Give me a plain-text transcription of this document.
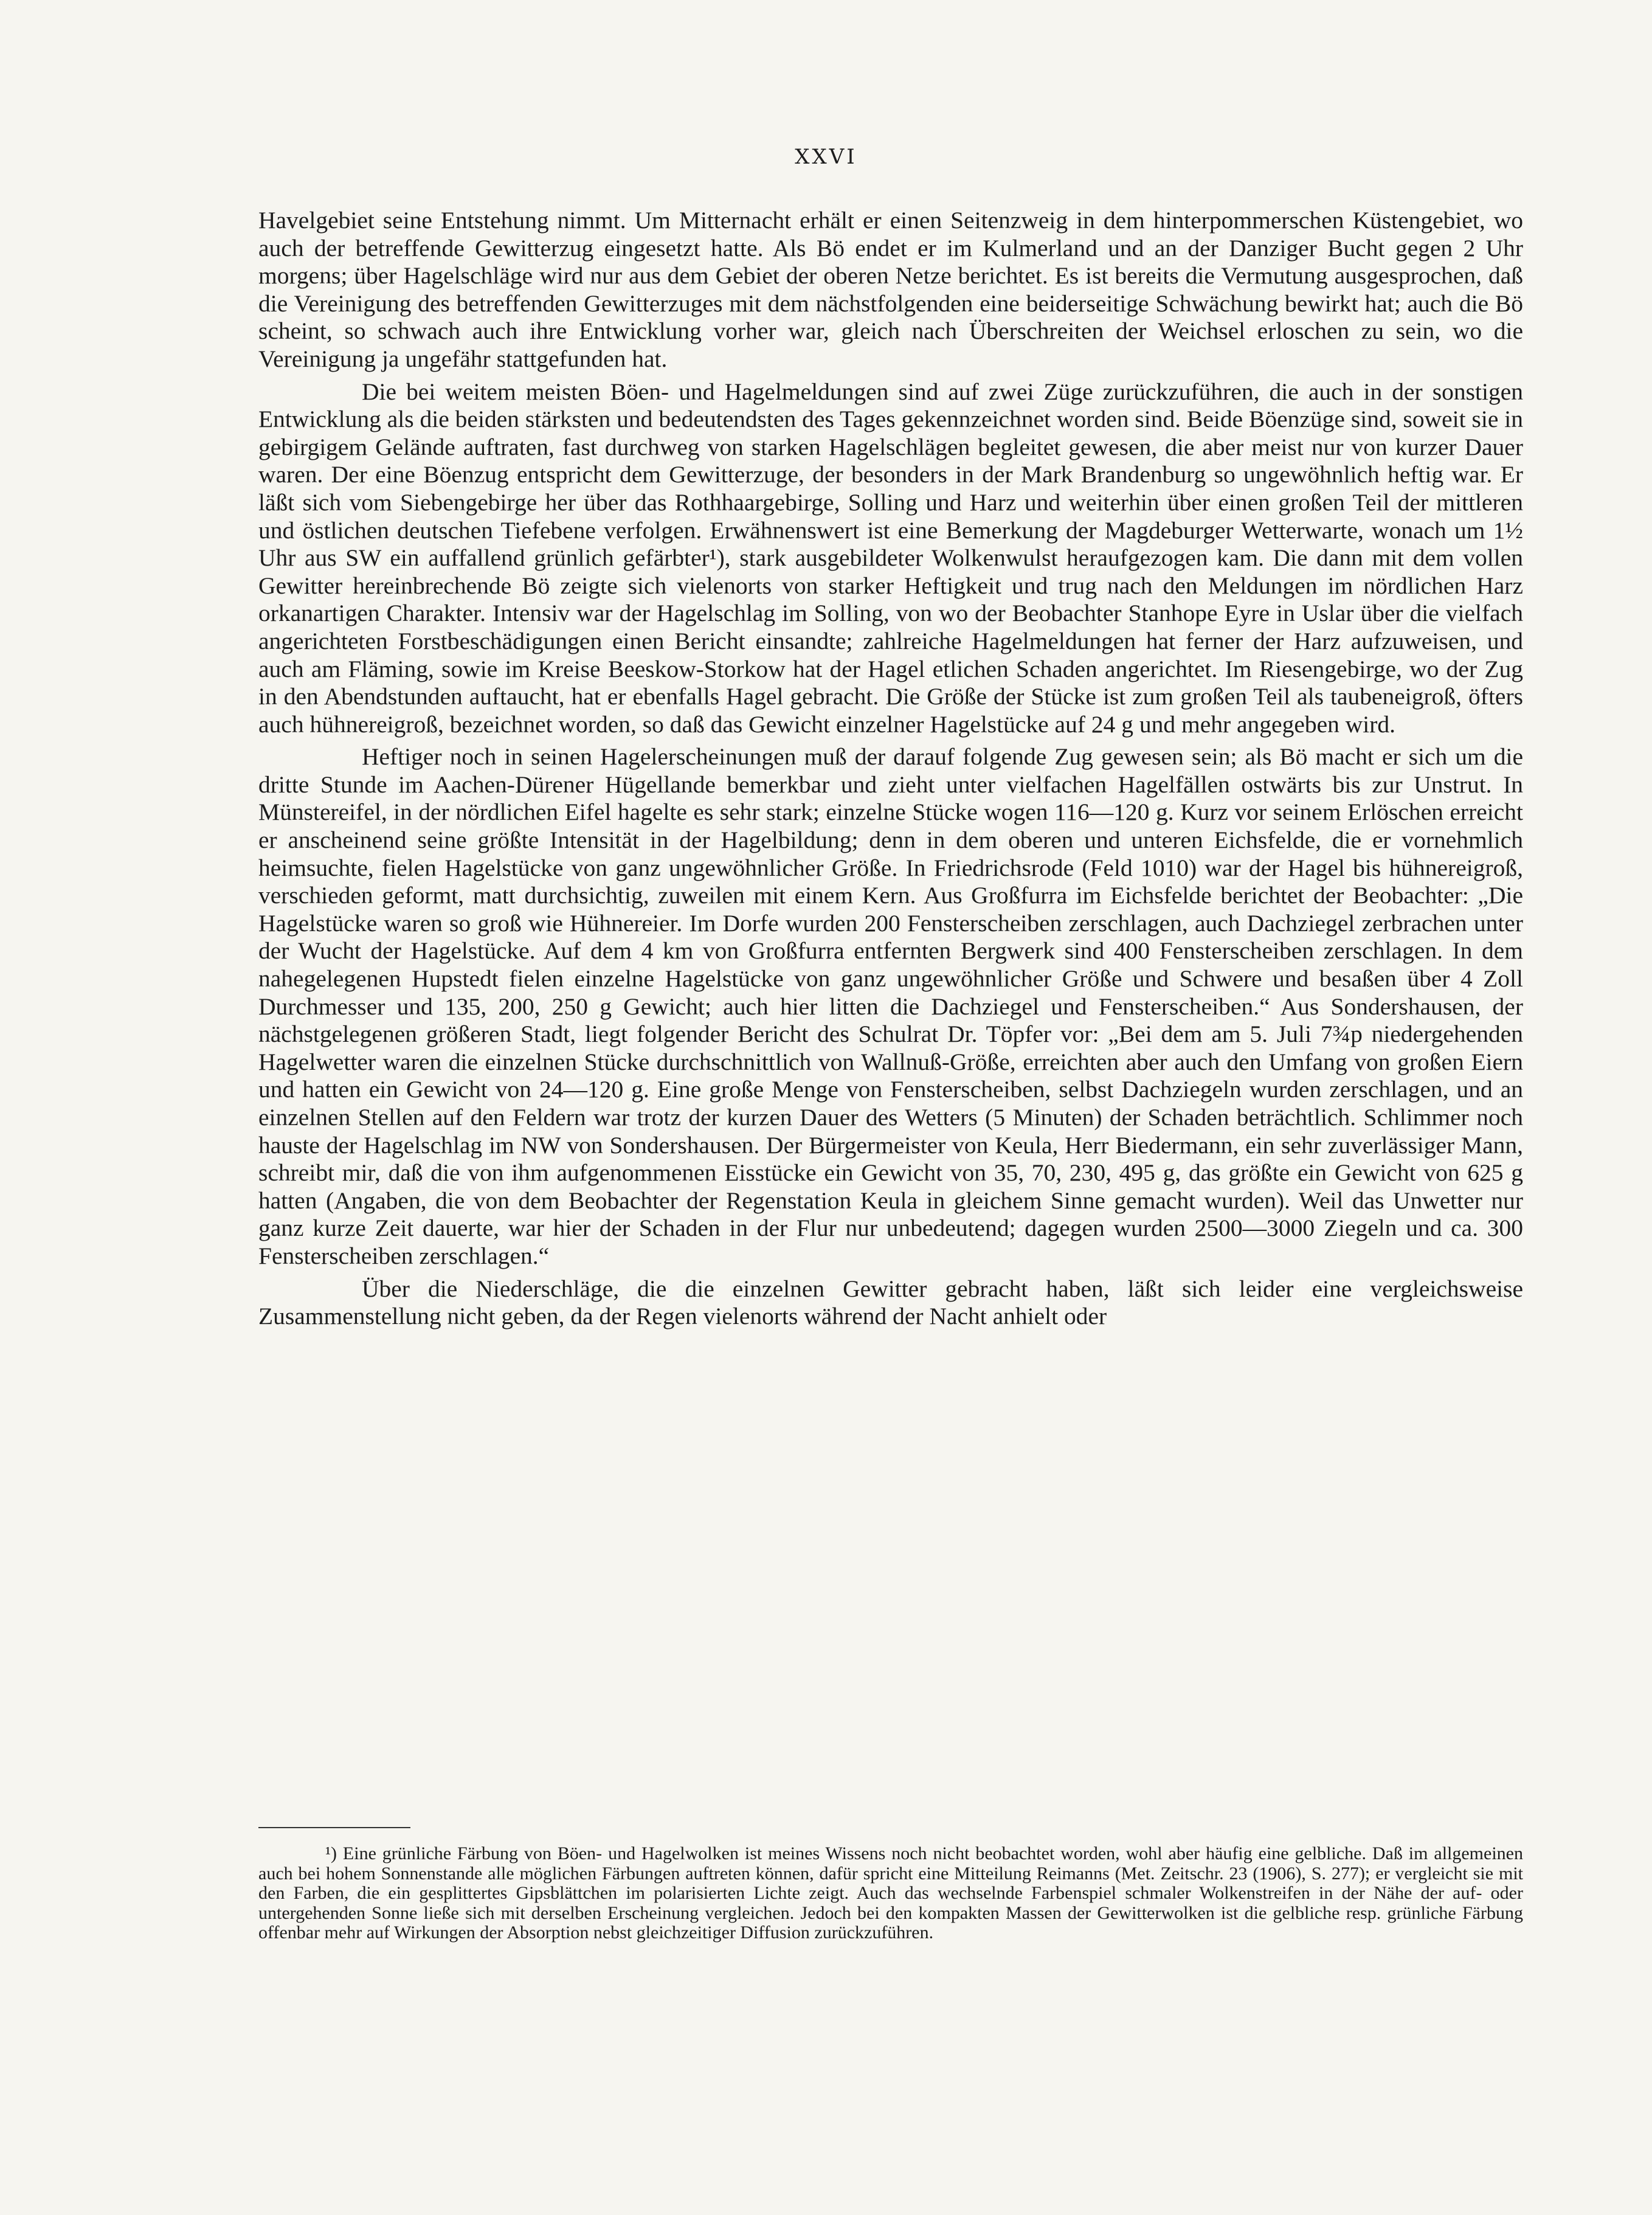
XXVI

Havelgebiet seine Entstehung nimmt. Um Mitternacht erhält er einen Seitenzweig in dem hinterpommerschen Küstengebiet, wo auch der betreffende Gewitterzug eingesetzt hatte. Als Bö endet er im Kulmerland und an der Danziger Bucht gegen 2 Uhr morgens; über Hagelschläge wird nur aus dem Gebiet der oberen Netze berichtet. Es ist bereits die Vermutung ausgesprochen, daß die Vereinigung des betreffenden Gewitterzuges mit dem nächstfolgenden eine beiderseitige Schwächung bewirkt hat; auch die Bö scheint, so schwach auch ihre Entwicklung vorher war, gleich nach Überschreiten der Weichsel erloschen zu sein, wo die Vereinigung ja ungefähr stattgefunden hat.

Die bei weitem meisten Böen- und Hagelmeldungen sind auf zwei Züge zurückzuführen, die auch in der sonstigen Entwicklung als die beiden stärksten und bedeutendsten des Tages gekennzeichnet worden sind. Beide Böenzüge sind, soweit sie in gebirgigem Gelände auftraten, fast durchweg von starken Hagelschlägen begleitet gewesen, die aber meist nur von kurzer Dauer waren. Der eine Böenzug entspricht dem Gewitterzuge, der besonders in der Mark Brandenburg so ungewöhnlich heftig war. Er läßt sich vom Siebengebirge her über das Rothhaargebirge, Solling und Harz und weiterhin über einen großen Teil der mittleren und östlichen deutschen Tiefebene verfolgen. Erwähnenswert ist eine Bemerkung der Magdeburger Wetterwarte, wonach um 1½ Uhr aus SW ein auffallend grünlich gefärbter¹), stark ausgebildeter Wolkenwulst heraufgezogen kam. Die dann mit dem vollen Gewitter hereinbrechende Bö zeigte sich vielenorts von starker Heftigkeit und trug nach den Meldungen im nördlichen Harz orkanartigen Charakter. Intensiv war der Hagelschlag im Solling, von wo der Beobachter Stanhope Eyre in Uslar über die vielfach angerichteten Forstbeschädigungen einen Bericht einsandte; zahlreiche Hagelmeldungen hat ferner der Harz aufzuweisen, und auch am Fläming, sowie im Kreise Beeskow-Storkow hat der Hagel etlichen Schaden angerichtet. Im Riesengebirge, wo der Zug in den Abendstunden auftaucht, hat er ebenfalls Hagel gebracht. Die Größe der Stücke ist zum großen Teil als taubeneigroß, öfters auch hühnereigroß, bezeichnet worden, so daß das Gewicht einzelner Hagelstücke auf 24 g und mehr angegeben wird.

Heftiger noch in seinen Hagelerscheinungen muß der darauf folgende Zug gewesen sein; als Bö macht er sich um die dritte Stunde im Aachen-Dürener Hügellande bemerkbar und zieht unter vielfachen Hagelfällen ostwärts bis zur Unstrut. In Münstereifel, in der nördlichen Eifel hagelte es sehr stark; einzelne Stücke wogen 116—120 g. Kurz vor seinem Erlöschen erreicht er anscheinend seine größte Intensität in der Hagelbildung; denn in dem oberen und unteren Eichsfelde, die er vornehmlich heimsuchte, fielen Hagelstücke von ganz ungewöhnlicher Größe. In Friedrichsrode (Feld 1010) war der Hagel bis hühnereigroß, verschieden geformt, matt durchsichtig, zuweilen mit einem Kern. Aus Großfurra im Eichsfelde berichtet der Beobachter: „Die Hagelstücke waren so groß wie Hühnereier. Im Dorfe wurden 200 Fensterscheiben zerschlagen, auch Dachziegel zerbrachen unter der Wucht der Hagelstücke. Auf dem 4 km von Großfurra entfernten Bergwerk sind 400 Fensterscheiben zerschlagen. In dem nahegelegenen Hupstedt fielen einzelne Hagelstücke von ganz ungewöhnlicher Größe und Schwere und besaßen über 4 Zoll Durchmesser und 135, 200, 250 g Gewicht; auch hier litten die Dachziegel und Fensterscheiben.“ Aus Sondershausen, der nächstgelegenen größeren Stadt, liegt folgender Bericht des Schulrat Dr. Töpfer vor: „Bei dem am 5. Juli 7¾p niedergehenden Hagelwetter waren die einzelnen Stücke durchschnittlich von Wallnuß-Größe, erreichten aber auch den Umfang von großen Eiern und hatten ein Gewicht von 24—120 g. Eine große Menge von Fensterscheiben, selbst Dachziegeln wurden zerschlagen, und an einzelnen Stellen auf den Feldern war trotz der kurzen Dauer des Wetters (5 Minuten) der Schaden beträchtlich. Schlimmer noch hauste der Hagelschlag im NW von Sondershausen. Der Bürgermeister von Keula, Herr Biedermann, ein sehr zuverlässiger Mann, schreibt mir, daß die von ihm aufgenommenen Eisstücke ein Gewicht von 35, 70, 230, 495 g, das größte ein Gewicht von 625 g hatten (Angaben, die von dem Beobachter der Regenstation Keula in gleichem Sinne gemacht wurden). Weil das Unwetter nur ganz kurze Zeit dauerte, war hier der Schaden in der Flur nur unbedeutend; dagegen wurden 2500—3000 Ziegeln und ca. 300 Fensterscheiben zerschlagen.“

Über die Niederschläge, die die einzelnen Gewitter gebracht haben, läßt sich leider eine vergleichsweise Zusammenstellung nicht geben, da der Regen vielenorts während der Nacht anhielt oder

¹) Eine grünliche Färbung von Böen- und Hagelwolken ist meines Wissens noch nicht beobachtet worden, wohl aber häufig eine gelbliche. Daß im allgemeinen auch bei hohem Sonnenstande alle möglichen Färbungen auftreten können, dafür spricht eine Mitteilung Reimanns (Met. Zeitschr. 23 (1906), S. 277); er vergleicht sie mit den Farben, die ein gesplittertes Gipsblättchen im polarisierten Lichte zeigt. Auch das wechselnde Farbenspiel schmaler Wolkenstreifen in der Nähe der auf- oder untergehenden Sonne ließe sich mit derselben Erscheinung vergleichen. Jedoch bei den kompakten Massen der Gewitterwolken ist die gelbliche resp. grünliche Färbung offenbar mehr auf Wirkungen der Absorption nebst gleichzeitiger Diffusion zurückzuführen.
